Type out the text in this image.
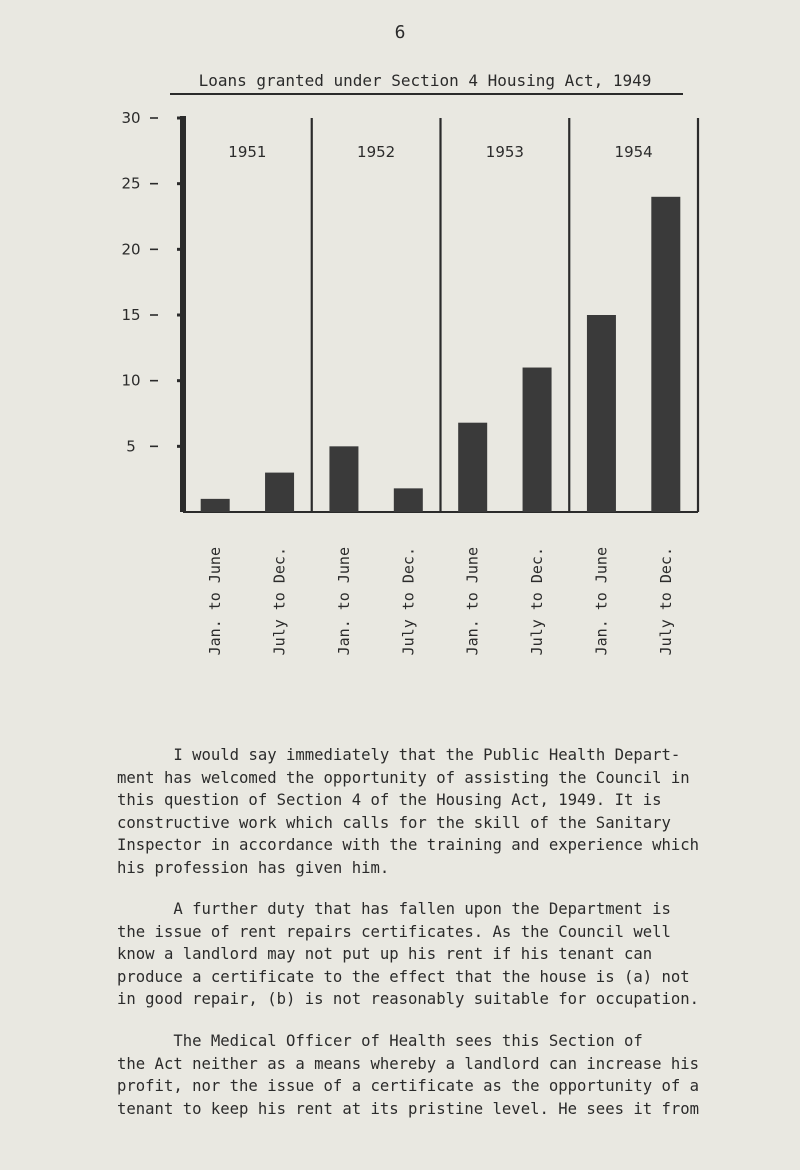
6
Loans granted under Section 4 Housing Act, 1949
5
10
15
20
25
30
1951	1952	1953	1954
Jan. to June	July to Dec.	Jan. to June	July to Dec.	Jan. to June	July to Dec.	Jan. to June	July to Dec.

I would say immediately that the Public Health Depart-
ment has welcomed the opportunity of assisting the Council in
this question of Section 4 of the Housing Act, 1949. It is
constructive work which calls for the skill of the Sanitary
Inspector in accordance with the training and experience which
his profession has given him.

A further duty that has fallen upon the Department is
the issue of rent repairs certificates. As the Council well
know a landlord may not put up his rent if his tenant can
produce a certificate to the effect that the house is (a) not
in good repair, (b) is not reasonably suitable for occupation.

The Medical Officer of Health sees this Section of
the Act neither as a means whereby a landlord can increase his
profit, nor the issue of a certificate as the opportunity of a
tenant to keep his rent at its pristine level. He sees it from
